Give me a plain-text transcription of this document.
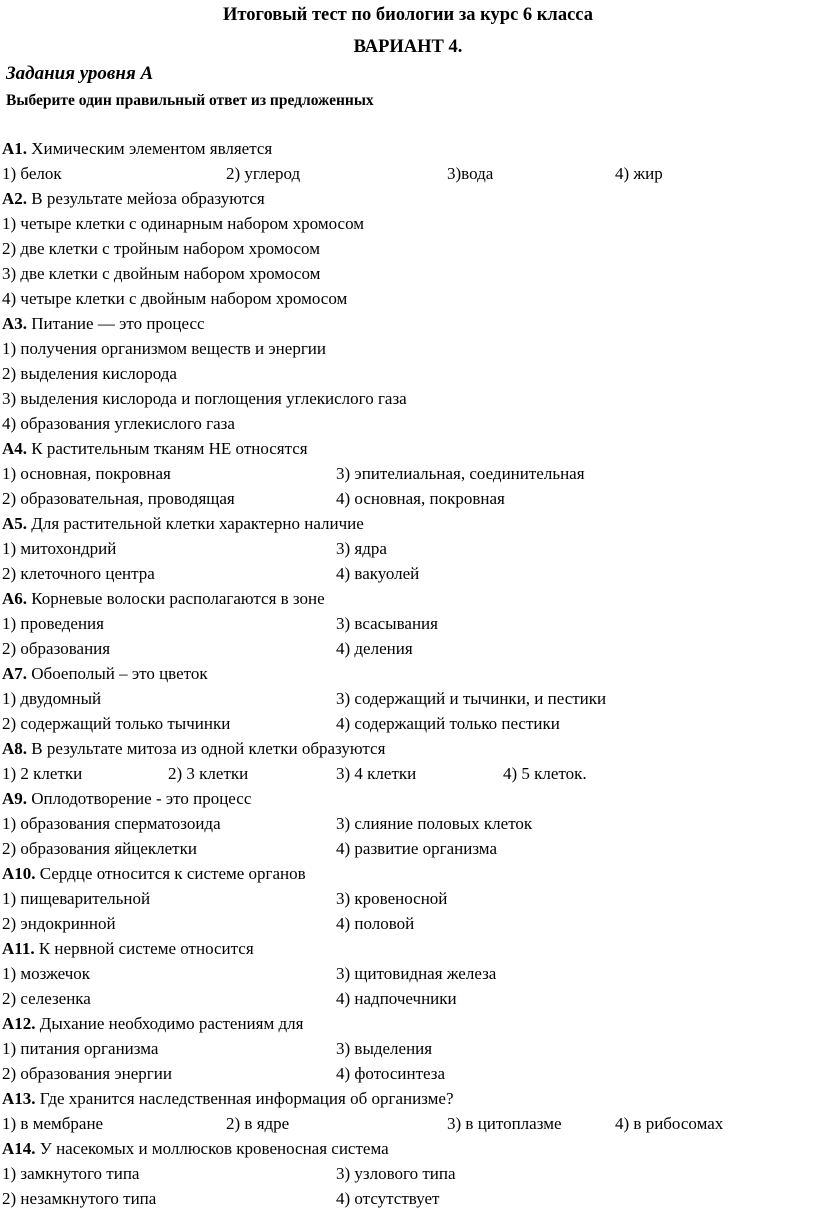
Итоговый тест по биологии за курс 6 класса
ВАРИАНТ 4.
Задания уровня А
Выберите один правильный ответ из предложенных
А1. Химическим элементом является
1) белок	2) углерод	3)вода	4) жир
А2. В результате мейоза образуются
1) четыре клетки с одинарным набором хромосом
2) две клетки с тройным набором хромосом
3) две клетки с двойным набором хромосом
4) четыре клетки с двойным набором хромосом
А3. Питание — это процесс
1) получения организмом веществ и энергии
2) выделения кислорода
3) выделения кислорода и поглощения углекислого газа
4) образования углекислого газа
А4. К растительным тканям НЕ относятся
1) основная, покровная	3) эпителиальная, соединительная
2) образовательная, проводящая	4) основная, покровная
А5. Для растительной клетки характерно наличие
1) митохондрий	3) ядра
2) клеточного центра	4) вакуолей
А6. Корневые волоски располагаются в зоне
1) проведения	3) всасывания
2) образования	4) деления
А7. Обоеполый – это цветок
1) двудомный	3) содержащий и тычинки, и пестики
2) содержащий только тычинки	4) содержащий только пестики
А8. В результате митоза из одной клетки образуются
1) 2 клетки	2) 3 клетки	3) 4 клетки	4) 5 клеток.
А9. Оплодотворение - это процесс
1) образования сперматозоида	3) слияние половых клеток
2) образования яйцеклетки	4) развитие организма
А10. Сердце относится к системе органов
1) пищеварительной	3) кровеносной
2) эндокринной	4) половой
А11. К нервной системе относится
1) мозжечок	3) щитовидная железа
2) селезенка	4) надпочечники
А12. Дыхание необходимо растениям для
1) питания организма	3) выделения
2) образования энергии	4) фотосинтеза
А13. Где хранится наследственная информация об организме?
1) в мембране	2) в ядре	3) в цитоплазме	4) в рибосомах
А14. У насекомых и моллюсков кровеносная система
1) замкнутого типа	3) узлового типа
2) незамкнутого типа	4) отсутствует
